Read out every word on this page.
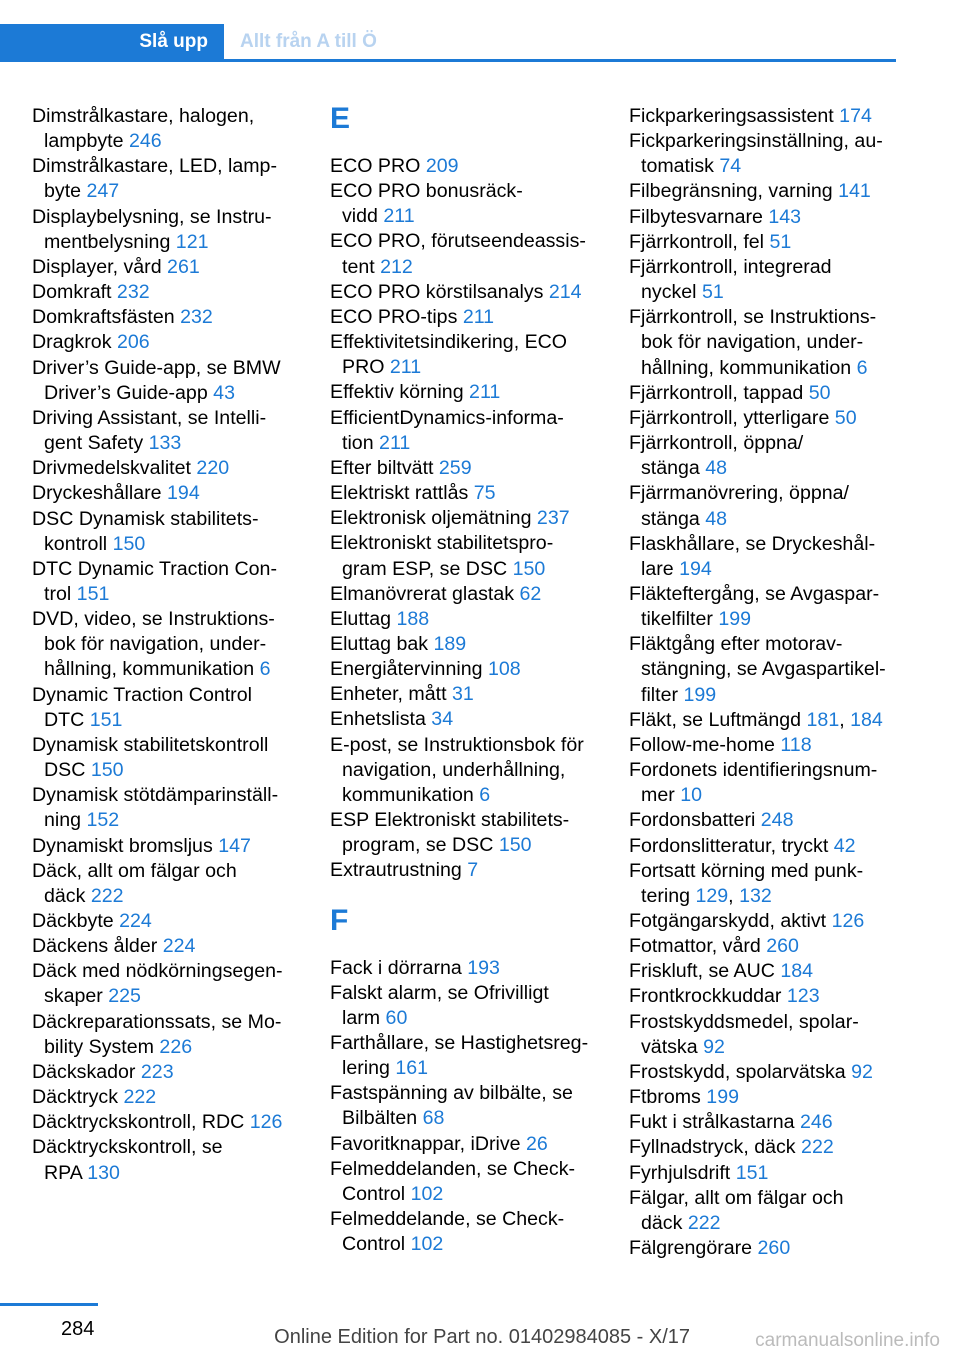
Slå upp	Allt från A till Ö
Dimstrålkastare, halogen,
lampbyte 246
Dimstrålkastare, LED, lamp-
byte 247
Displaybelysning, se Instru-
mentbelysning 121
Displayer, vård 261
Domkraft 232
Domkraftsfästen 232
Dragkrok 206
Driver’s Guide-app, se BMW
Driver’s Guide-app 43
Driving Assistant, se Intelli-
gent Safety 133
Drivmedelskvalitet 220
Dryckeshållare 194
DSC Dynamisk stabilitets-
kontroll 150
DTC Dynamic Traction Con-
trol 151
DVD, video, se Instruktions-
bok för navigation, under-
hållning, kommunikation 6
Dynamic Traction Control
DTC 151
Dynamisk stabilitetskontroll
DSC 150
Dynamisk stötdämparinställ-
ning 152
Dynamiskt bromsljus 147
Däck, allt om fälgar och
däck 222
Däckbyte 224
Däckens ålder 224
Däck med nödkörningsegen-
skaper 225
Däckreparationssats, se Mo-
bility System 226
Däckskador 223
Däcktryck 222
Däcktryckskontroll, RDC 126
Däcktryckskontroll, se
RPA 130
E
ECO PRO 209
ECO PRO bonusräck-
vidd 211
ECO PRO, förutseendeassis-
tent 212
ECO PRO körstilsanalys 214
ECO PRO-tips 211
Effektivitetsindikering, ECO
PRO 211
Effektiv körning 211
EfficientDynamics-informa-
tion 211
Efter biltvätt 259
Elektriskt rattlås 75
Elektronisk oljemätning 237
Elektroniskt stabilitetspro-
gram ESP, se DSC 150
Elmanövrerat glastak 62
Eluttag 188
Eluttag bak 189
Energiåtervinning 108
Enheter, mått 31
Enhetslista 34
E-post, se Instruktionsbok för
navigation, underhållning,
kommunikation 6
ESP Elektroniskt stabilitets-
program, se DSC 150
Extrautrustning 7
F
Fack i dörrarna 193
Falskt alarm, se Ofrivilligt
larm 60
Farthållare, se Hastighetsreg-
lering 161
Fastspänning av bilbälte, se
Bilbälten 68
Favoritknappar, iDrive 26
Felmeddelanden, se Check-
Control 102
Felmeddelande, se Check-
Control 102
Fickparkeringsassistent 174
Fickparkeringsinställning, au-
tomatisk 74
Filbegränsning, varning 141
Filbytesvarnare 143
Fjärrkontroll, fel 51
Fjärrkontroll, integrerad
nyckel 51
Fjärrkontroll, se Instruktions-
bok för navigation, under-
hållning, kommunikation 6
Fjärrkontroll, tappad 50
Fjärrkontroll, ytterligare 50
Fjärrkontroll, öppna/
stänga 48
Fjärrmanövrering, öppna/
stänga 48
Flaskhållare, se Dryckeshål-
lare 194
Fläkteftergång, se Avgaspar-
tikelfilter 199
Fläktgång efter motorav-
stängning, se Avgaspartikel-
filter 199
Fläkt, se Luftmängd 181, 184
Follow-me-home 118
Fordonets identifieringsnum-
mer 10
Fordonsbatteri 248
Fordonslitteratur, tryckt 42
Fortsatt körning med punk-
tering 129, 132
Fotgängarskydd, aktivt 126
Fotmattor, vård 260
Friskluft, se AUC 184
Frontkrockkuddar 123
Frostskyddsmedel, spolar-
vätska 92
Frostskydd, spolarvätska 92
Ftbroms 199
Fukt i strålkastarna 246
Fyllnadstryck, däck 222
Fyrhjulsdrift 151
Fälgar, allt om fälgar och
däck 222
Fälgrengörare 260
284	Online Edition for Part no. 01402984085 - X/17	carmanualsonline.info
